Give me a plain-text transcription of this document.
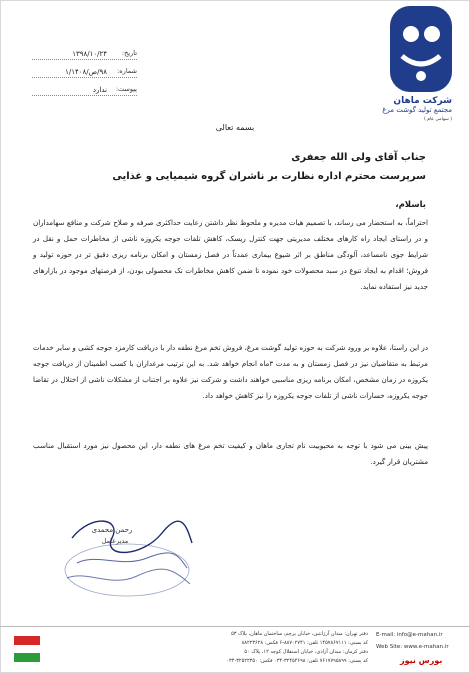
شرکت ماهان
مجتمع تولید گوشت مرغ
( سهامی عام )
تاریخ:
۱۳۹۸/۱۰/۲۴
شماره:
۹۸/ص/۱/۱۴۰۸
پیوست:
ندارد
بسمه تعالی
جناب آقای ولی الله جعفری
سرپرست محترم اداره نظارت بر ناشران گروه شیمیایی و غذایی
باسلام،
احتراماً، به استحضار می رساند، با تصمیم هیات مدیره و ملحوظ نظر داشتن رعایت حداکثری صرفه و صلاح شرکت و منافع سهامداران و در راستای ایجاد راه کارهای مختلف مدیریتی جهت کنترل ریسک، کاهش تلفات جوجه یکروزه ناشی از مخاطرات حمل و نقل در شرایط جوی نامساعد، آلودگی مناطق بر اثر شیوع بیماری عمدتاً در فصل زمستان و امکان برنامه ریزی دقیق تر در حوزه تولید و فروش؛ اقدام به ایجاد تنوع در سبد محصولات خود نموده تا ضمن کاهش مخاطرات تک محصولی بودن، از فرصتهای موجود در بازارهای جدید نیز استفاده نماید.
در این راستا، علاوه بر ورود شرکت به حوزه تولید گوشت مرغ، فروش تخم مرغ نطفه دار با دریافت کارمزد جوجه کشی و سایر خدمات مرتبط به متقاضیان نیز در فصل زمستان و به مدت ۳ماه انجام خواهد شد. به این ترتیب مرغداران با کسب اطمینان از دریافت جوجه یکروزه در زمان مشخص، امکان برنامه ریزی مناسبی خواهند داشت و شرکت نیز علاوه بر اجتناب از مشکلات ناشی از اختلال در تقاضا جوجه یکروزه، خسارات ناشی از تلفات جوجه یکروزه را نیز کاهش خواهد داد.
پیش بینی می شود با توجه به محبوبیت نام تجاری ماهان و کیفیت تخم مرغ های نطفه دار، این محصول نیز مورد استقبال مناسب مشتریان قرار گیرد.
رحمن محمدی
مدیرعامل
E-mail: info@e-mahan.ir
Web Site: www.e-mahan.ir
دفتر تهران: میدان آرژانتین، خیابان پرچم، ساختمان ماهان، پلاک ۵۳
کد پستی: ۱۴۵۷۸۶۷۱۱۱ تلفن: ۸۸۷۰۲۷۴۱-۶ فکس: ۸۸۲۲۳۶۲۸
دفتر کرمان: میدان آزادی، خیابان استقلال کوچه ۱۲، پلاک ۵۰
کد پستی: ۷۶۱۷۷۹۵۸۹۹ تلفن: ۳۲۴۵۴۶۹۸-۰۳۴ فکس: ۳۲۵۲۲۳۵۰-۰۳۴	بورس نیوز
